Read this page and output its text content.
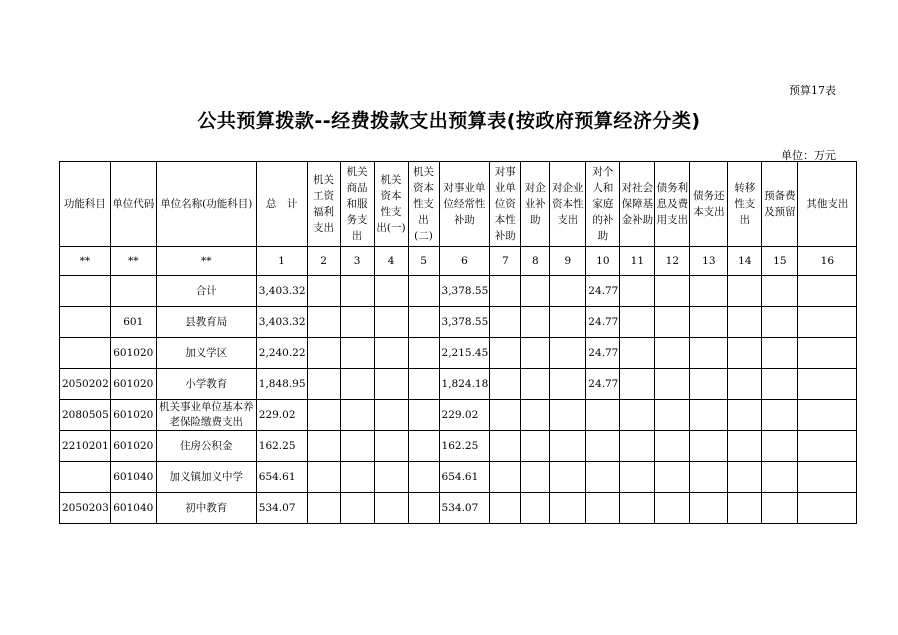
预算17表
公共预算拨款--经费拨款支出预算表(按政府预算经济分类)
单位：万元
功能科目	单位代码	单位名称(功能科目)	总　计	机关工资福利支出	机关商品和服务支出	机关资本性支出(一)	机关资本性支出(二)	对事业单位经常性补助	对事业单位资本性补助	对企业补助	对企业资本性支出	对个人和家庭的补助	对社会保障基金补助	债务利息及费用支出	债务还本支出	转移性支出	预备费及预留	其他支出
**	**	**	1	2	3	4	5	6	7	8	9	10	11	12	13	14	15	16
		合计	3,403.32					3,378.55				24.77						
	601	县教育局	3,403.32					3,378.55				24.77						
	601020	加义学区	2,240.22					2,215.45				24.77						
2050202	601020	小学教育	1,848.95					1,824.18				24.77						
2080505	601020	机关事业单位基本养老保险缴费支出	229.02					229.02										
2210201	601020	住房公积金	162.25					162.25										
	601040	加义镇加义中学	654.61					654.61										
2050203	601040	初中教育	534.07					534.07										
